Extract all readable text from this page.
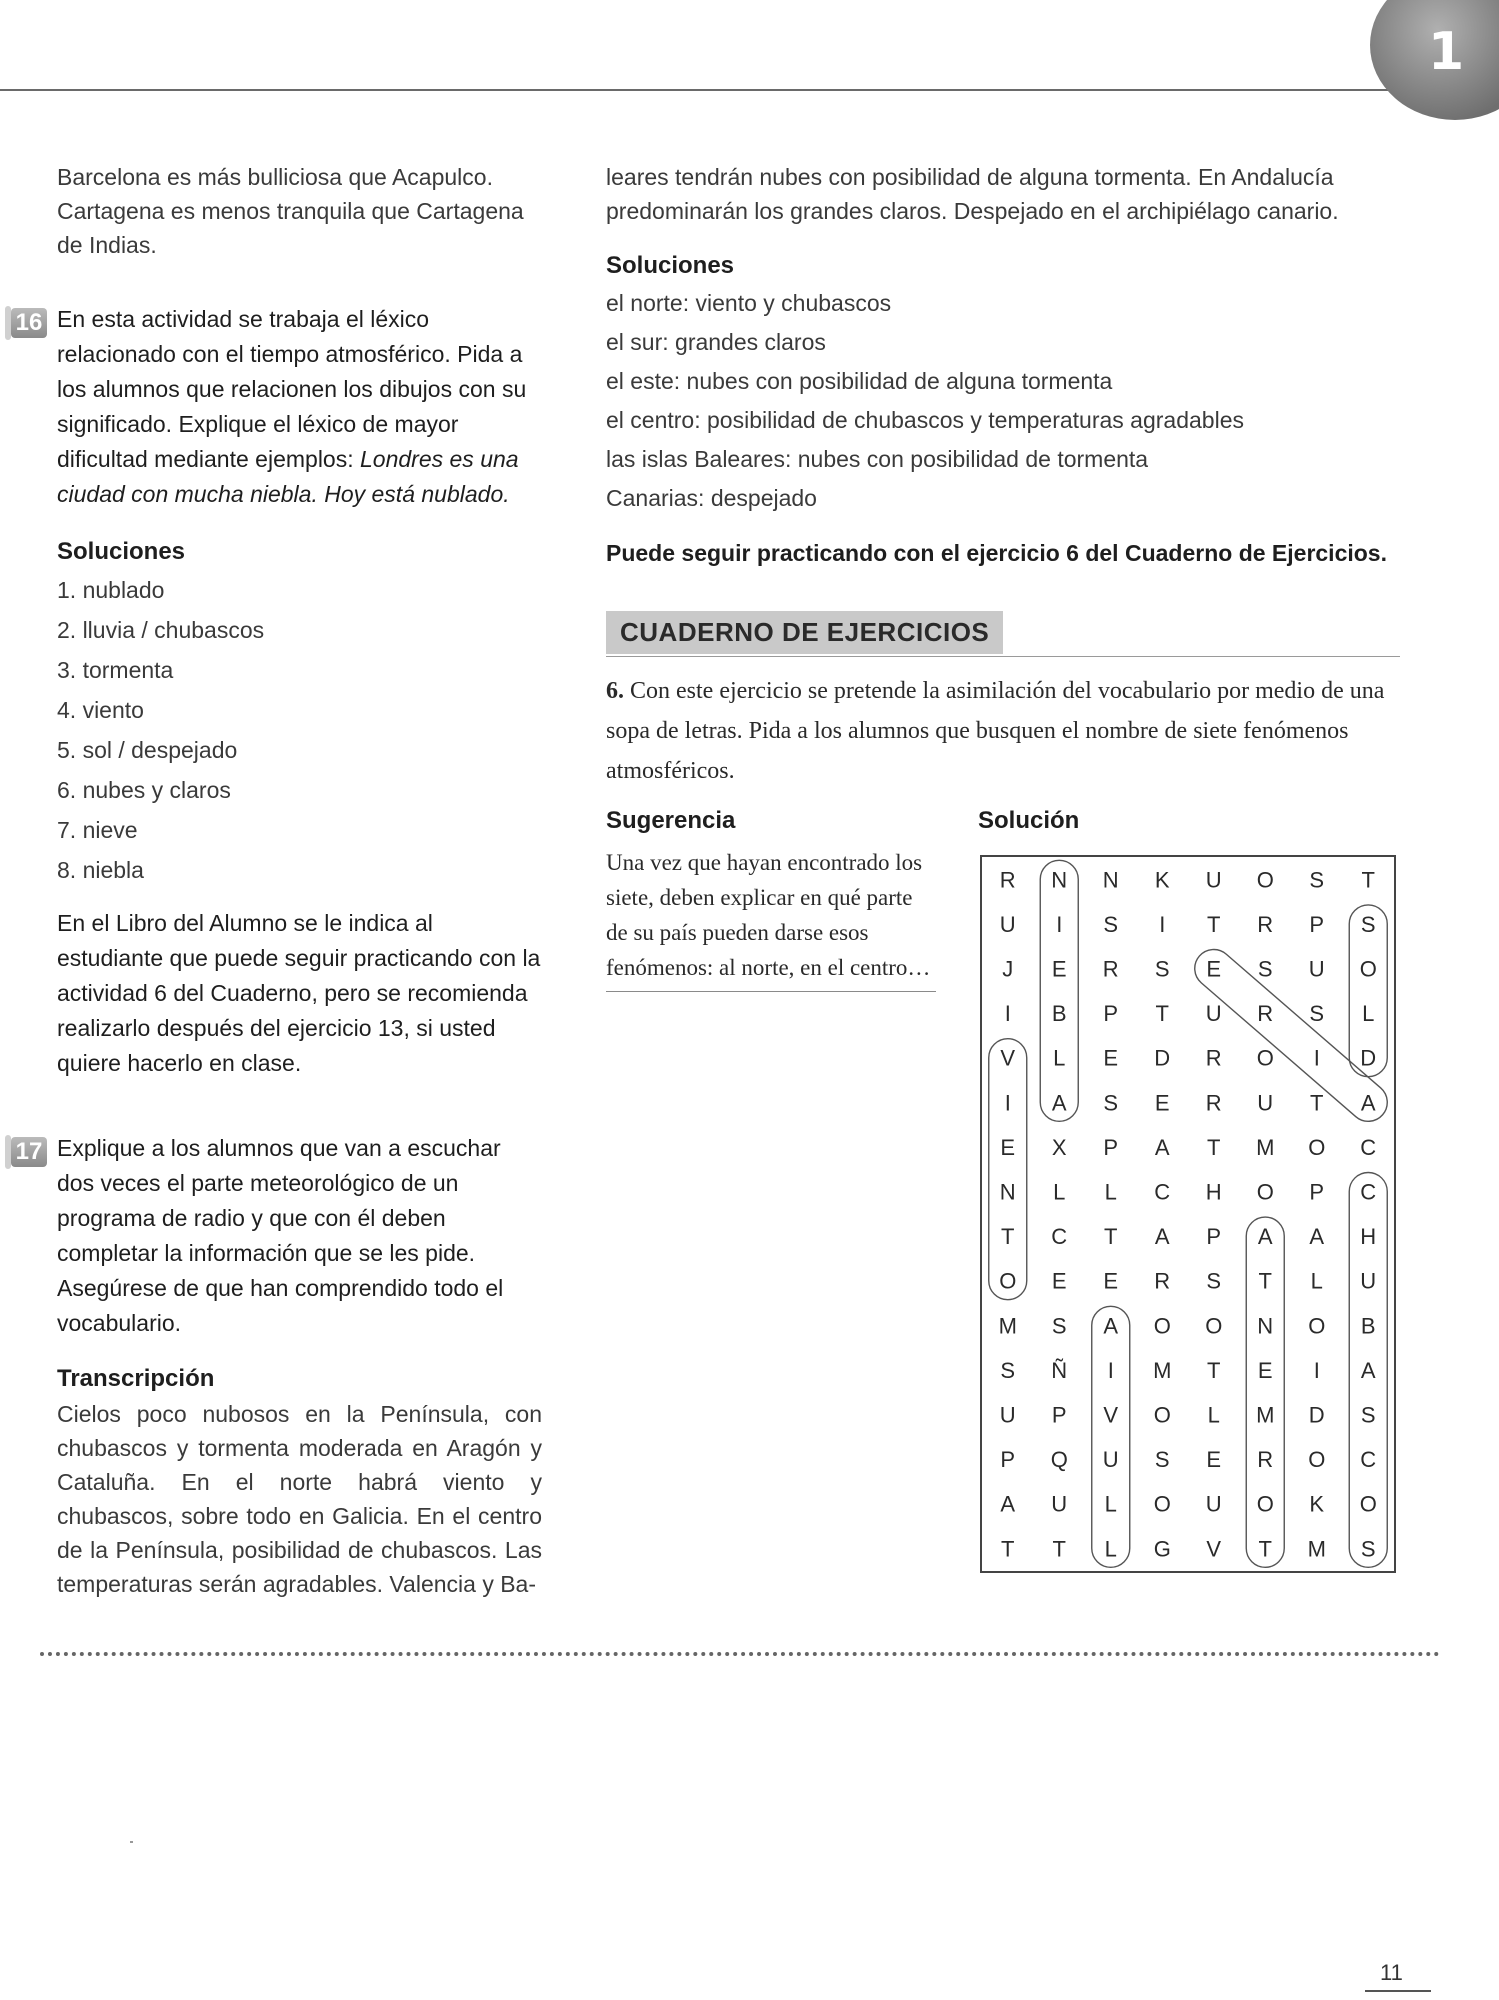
1

Barcelona es más bulliciosa que Acapulco.

Cartagena es menos tranquila que Cartagena de Indias.

16 En esta actividad se trabaja el léxico relacionado con el tiempo atmosférico. Pida a los alumnos que relacionen los dibujos con su significado. Explique el léxico de mayor dificultad mediante ejemplos: Londres es una ciudad con mucha niebla. Hoy está nublado.

Soluciones

1. nublado

2. lluvia / chubascos

3. tormenta

4. viento

5. sol / despejado

6. nubes y claros

7. nieve

8. niebla

En el Libro del Alumno se le indica al estudiante que puede seguir practicando con la actividad 6 del Cuaderno, pero se recomienda realizarlo después del ejercicio 13, si usted quiere hacerlo en clase.

17 Explique a los alumnos que van a escuchar dos veces el parte meteorológico de un programa de radio y que con él deben completar la información que se les pide. Asegúrese de que han comprendido todo el vocabulario.

Transcripción

Cielos poco nubosos en la Península, con chubascos y tormenta moderada en Aragón y Cataluña. En el norte habrá viento y chubascos, sobre todo en Galicia. En el centro de la Península, posibilidad de chubascos. Las temperaturas serán agradables. Valencia y Ba-

leares tendrán nubes con posibilidad de alguna tormenta. En Andalucía predominarán los grandes claros. Despejado en el archipiélago canario.

Soluciones

el norte: viento y chubascos

el sur: grandes claros

el este: nubes con posibilidad de alguna tormenta

el centro: posibilidad de chubascos y temperaturas agradables

las islas Baleares: nubes con posibilidad de tormenta

Canarias: despejado

Puede seguir practicando con el ejercicio 6 del Cuaderno de Ejercicios.

CUADERNO DE EJERCICIOS

6. Con este ejercicio se pretende la asimilación del vocabulario por medio de una sopa de letras. Pida a los alumnos que busquen el nombre de siete fenómenos atmosféricos.

Sugerencia

Una vez que hayan encontrado los siete, deben explicar en qué parte de su país pueden darse esos fenómenos: al norte, en el centro…

Solución
R N N K U O S T
U I S I T R P S
J E R S E S U O
I B P T U R S L
V L E D R O I D
I A S E R U T A
E X P A T M O C
N L L C H O P C
T C T A P A A H
O E E R S T L U
M S A O O N O B
S Ñ I M T E I A
U P V O L M D S
P Q U S E R O C
A U L O U O K O
T T L G V T M S
11
